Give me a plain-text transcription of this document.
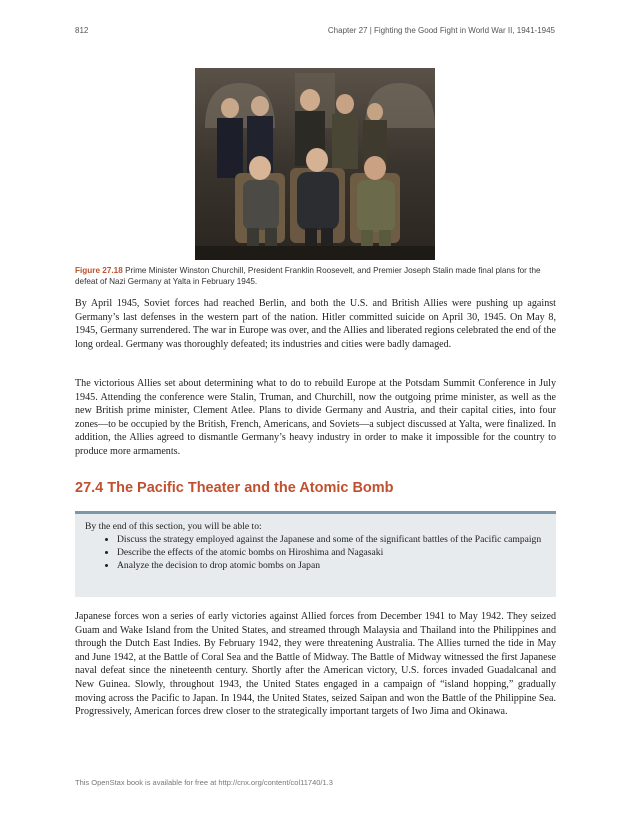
812	Chapter 27 | Fighting the Good Fight in World War II, 1941-1945
Figure 27.18 Prime Minister Winston Churchill, President Franklin Roosevelt, and Premier Joseph Stalin made final plans for the defeat of Nazi Germany at Yalta in February 1945.

By April 1945, Soviet forces had reached Berlin, and both the U.S. and British Allies were pushing up against Germany’s last defenses in the western part of the nation. Hitler committed suicide on April 30, 1945. On May 8, 1945, Germany surrendered. The war in Europe was over, and the Allies and liberated regions celebrated the end of the long ordeal. Germany was thoroughly defeated; its industries and cities were badly damaged.

The victorious Allies set about determining what to do to rebuild Europe at the Potsdam Summit Conference in July 1945. Attending the conference were Stalin, Truman, and Churchill, now the outgoing prime minister, as well as the new British prime minister, Clement Atlee. Plans to divide Germany and Austria, and their capital cities, into four zones—to be occupied by the British, French, Americans, and Soviets—a subject discussed at Yalta, were finalized. In addition, the Allies agreed to dismantle Germany’s heavy industry in order to make it impossible for the country to produce more armaments.

27.4 The Pacific Theater and the Atomic Bomb
By the end of this section, you will be able to:
• Discuss the strategy employed against the Japanese and some of the significant battles of the Pacific campaign
• Describe the effects of the atomic bombs on Hiroshima and Nagasaki
• Analyze the decision to drop atomic bombs on Japan

Japanese forces won a series of early victories against Allied forces from December 1941 to May 1942. They seized Guam and Wake Island from the United States, and streamed through Malaysia and Thailand into the Philippines and through the Dutch East Indies. By February 1942, they were threatening Australia. The Allies turned the tide in May and June 1942, at the Battle of Coral Sea and the Battle of Midway. The Battle of Midway witnessed the first Japanese naval defeat since the nineteenth century. Shortly after the American victory, U.S. forces invaded Guadalcanal and New Guinea. Slowly, throughout 1943, the United States engaged in a campaign of “island hopping,” gradually moving across the Pacific to Japan. In 1944, the United States, seized Saipan and won the Battle of the Philippine Sea. Progressively, American forces drew closer to the strategically important targets of Iwo Jima and Okinawa.

This OpenStax book is available for free at http://cnx.org/content/col11740/1.3
